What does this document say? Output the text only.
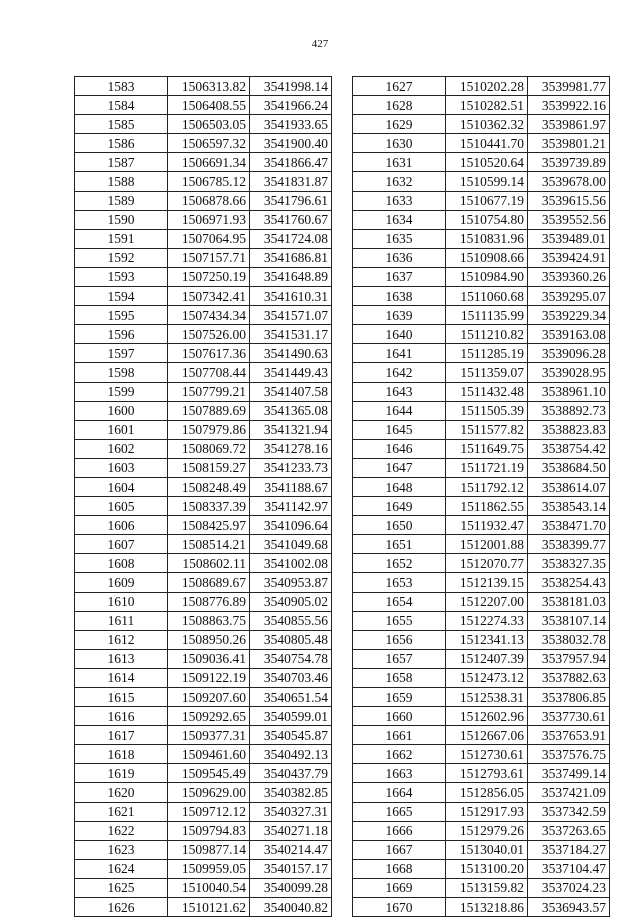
427
1583	1506313.82	3541998.14
1584	1506408.55	3541966.24
1585	1506503.05	3541933.65
1586	1506597.32	3541900.40
1587	1506691.34	3541866.47
1588	1506785.12	3541831.87
1589	1506878.66	3541796.61
1590	1506971.93	3541760.67
1591	1507064.95	3541724.08
1592	1507157.71	3541686.81
1593	1507250.19	3541648.89
1594	1507342.41	3541610.31
1595	1507434.34	3541571.07
1596	1507526.00	3541531.17
1597	1507617.36	3541490.63
1598	1507708.44	3541449.43
1599	1507799.21	3541407.58
1600	1507889.69	3541365.08
1601	1507979.86	3541321.94
1602	1508069.72	3541278.16
1603	1508159.27	3541233.73
1604	1508248.49	3541188.67
1605	1508337.39	3541142.97
1606	1508425.97	3541096.64
1607	1508514.21	3541049.68
1608	1508602.11	3541002.08
1609	1508689.67	3540953.87
1610	1508776.89	3540905.02
1611	1508863.75	3540855.56
1612	1508950.26	3540805.48
1613	1509036.41	3540754.78
1614	1509122.19	3540703.46
1615	1509207.60	3540651.54
1616	1509292.65	3540599.01
1617	1509377.31	3540545.87
1618	1509461.60	3540492.13
1619	1509545.49	3540437.79
1620	1509629.00	3540382.85
1621	1509712.12	3540327.31
1622	1509794.83	3540271.18
1623	1509877.14	3540214.47
1624	1509959.05	3540157.17
1625	1510040.54	3540099.28
1626	1510121.62	3540040.82
1627	1510202.28	3539981.77
1628	1510282.51	3539922.16
1629	1510362.32	3539861.97
1630	1510441.70	3539801.21
1631	1510520.64	3539739.89
1632	1510599.14	3539678.00
1633	1510677.19	3539615.56
1634	1510754.80	3539552.56
1635	1510831.96	3539489.01
1636	1510908.66	3539424.91
1637	1510984.90	3539360.26
1638	1511060.68	3539295.07
1639	1511135.99	3539229.34
1640	1511210.82	3539163.08
1641	1511285.19	3539096.28
1642	1511359.07	3539028.95
1643	1511432.48	3538961.10
1644	1511505.39	3538892.73
1645	1511577.82	3538823.83
1646	1511649.75	3538754.42
1647	1511721.19	3538684.50
1648	1511792.12	3538614.07
1649	1511862.55	3538543.14
1650	1511932.47	3538471.70
1651	1512001.88	3538399.77
1652	1512070.77	3538327.35
1653	1512139.15	3538254.43
1654	1512207.00	3538181.03
1655	1512274.33	3538107.14
1656	1512341.13	3538032.78
1657	1512407.39	3537957.94
1658	1512473.12	3537882.63
1659	1512538.31	3537806.85
1660	1512602.96	3537730.61
1661	1512667.06	3537653.91
1662	1512730.61	3537576.75
1663	1512793.61	3537499.14
1664	1512856.05	3537421.09
1665	1512917.93	3537342.59
1666	1512979.26	3537263.65
1667	1513040.01	3537184.27
1668	1513100.20	3537104.47
1669	1513159.82	3537024.23
1670	1513218.86	3536943.57
